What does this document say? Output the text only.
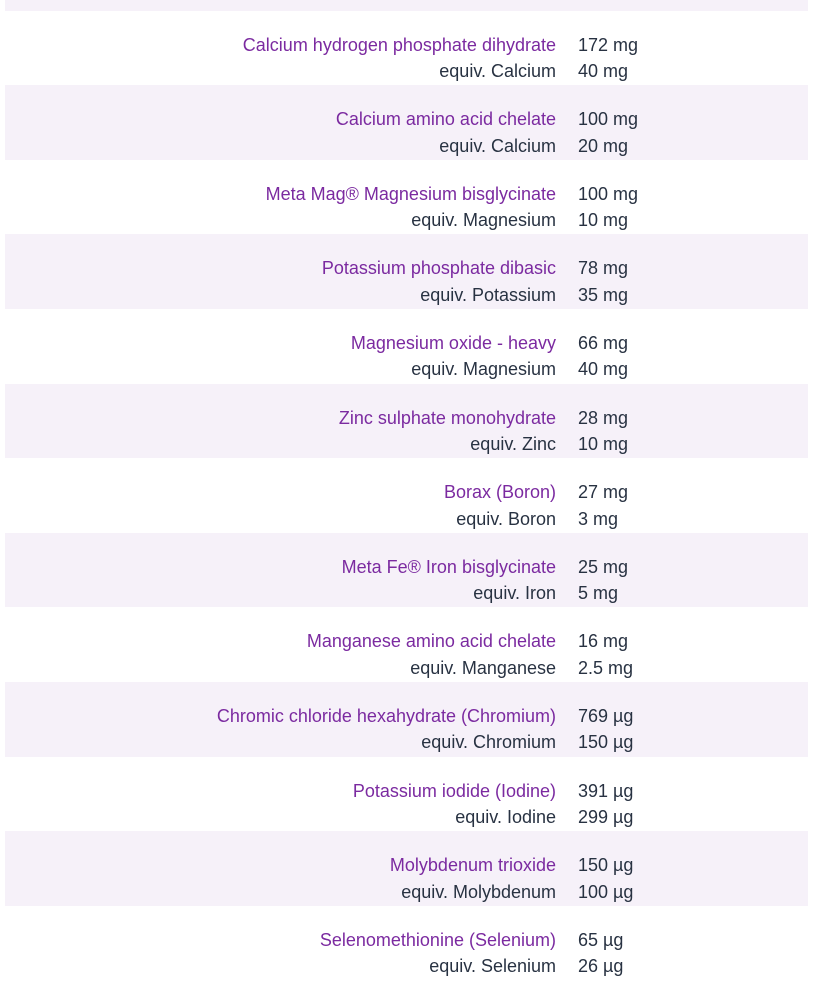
Calcium hydrogen phosphate dihydrate
equiv. Calcium
172 mg
40 mg
Calcium amino acid chelate
equiv. Calcium
100 mg
20 mg
Meta Mag® Magnesium bisglycinate
equiv. Magnesium
100 mg
10 mg
Potassium phosphate dibasic
equiv. Potassium
78 mg
35 mg
Magnesium oxide - heavy
equiv. Magnesium
66 mg
40 mg
Zinc sulphate monohydrate
equiv. Zinc
28 mg
10 mg
Borax (Boron)
equiv. Boron
27 mg
3 mg
Meta Fe® Iron bisglycinate
equiv. Iron
25 mg
5 mg
Manganese amino acid chelate
equiv. Manganese
16 mg
2.5 mg
Chromic chloride hexahydrate (Chromium)
equiv. Chromium
769 µg
150 µg
Potassium iodide (Iodine)
equiv. Iodine
391 µg
299 µg
Molybdenum trioxide
equiv. Molybdenum
150 µg
100 µg
Selenomethionine (Selenium)
equiv. Selenium
65 µg
26 µg
